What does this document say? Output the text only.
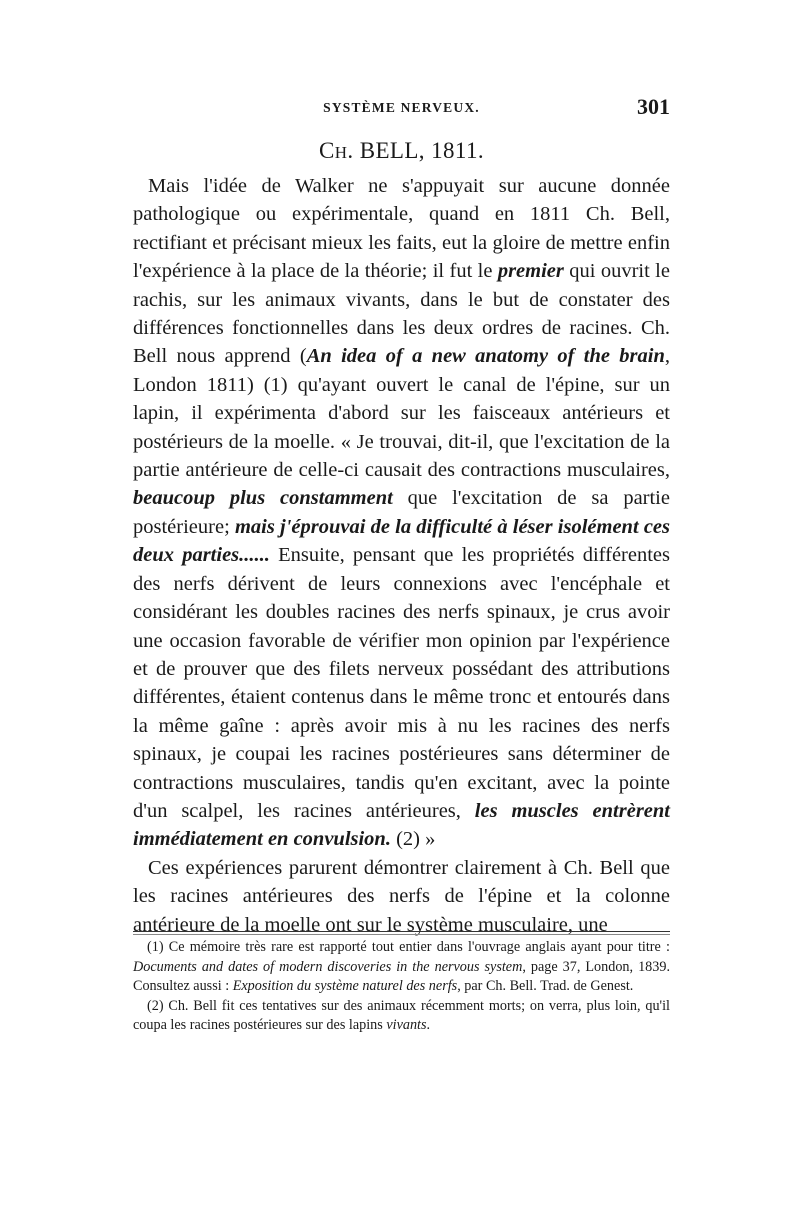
SYSTÈME NERVEUX.	301
CH. BELL, 1811.

Mais l'idée de Walker ne s'appuyait sur aucune donnée pathologique ou expérimentale, quand en 1811 Ch. Bell, rectifiant et précisant mieux les faits, eut la gloire de mettre enfin l'expérience à la place de la théorie; il fut le premier qui ouvrit le rachis, sur les animaux vivants, dans le but de constater des différences fonctionnelles dans les deux ordres de racines. Ch. Bell nous apprend (An idea of a new anatomy of the brain, London 1811) (1) qu'ayant ouvert le canal de l'épine, sur un lapin, il expérimenta d'abord sur les faisceaux antérieurs et postérieurs de la moelle. « Je trouvai, dit-il, que l'excitation de la partie antérieure de celle-ci causait des contractions musculaires, beaucoup plus constamment que l'excitation de sa partie postérieure; mais j'éprouvai de la difficulté à léser isolément ces deux parties...... Ensuite, pensant que les propriétés différentes des nerfs dérivent de leurs connexions avec l'encéphale et considérant les doubles racines des nerfs spinaux, je crus avoir une occasion favorable de vérifier mon opinion par l'expérience et de prouver que des filets nerveux possédant des attributions différentes, étaient contenus dans le même tronc et entourés dans la même gaîne : après avoir mis à nu les racines des nerfs spinaux, je coupai les racines postérieures sans déterminer de contractions musculaires, tandis qu'en excitant, avec la pointe d'un scalpel, les racines antérieures, les muscles entrèrent immédiatement en convulsion. (2) »

Ces expériences parurent démontrer clairement à Ch. Bell que les racines antérieures des nerfs de l'épine et la colonne antérieure de la moelle ont sur le système musculaire, une

(1) Ce mémoire très rare est rapporté tout entier dans l'ouvrage anglais ayant pour titre : Documents and dates of modern discoveries in the nervous system, page 37, London, 1839. Consultez aussi : Exposition du système naturel des nerfs, par Ch. Bell. Trad. de Genest.

(2) Ch. Bell fit ces tentatives sur des animaux récemment morts; on verra, plus loin, qu'il coupa les racines postérieures sur des lapins vivants.
